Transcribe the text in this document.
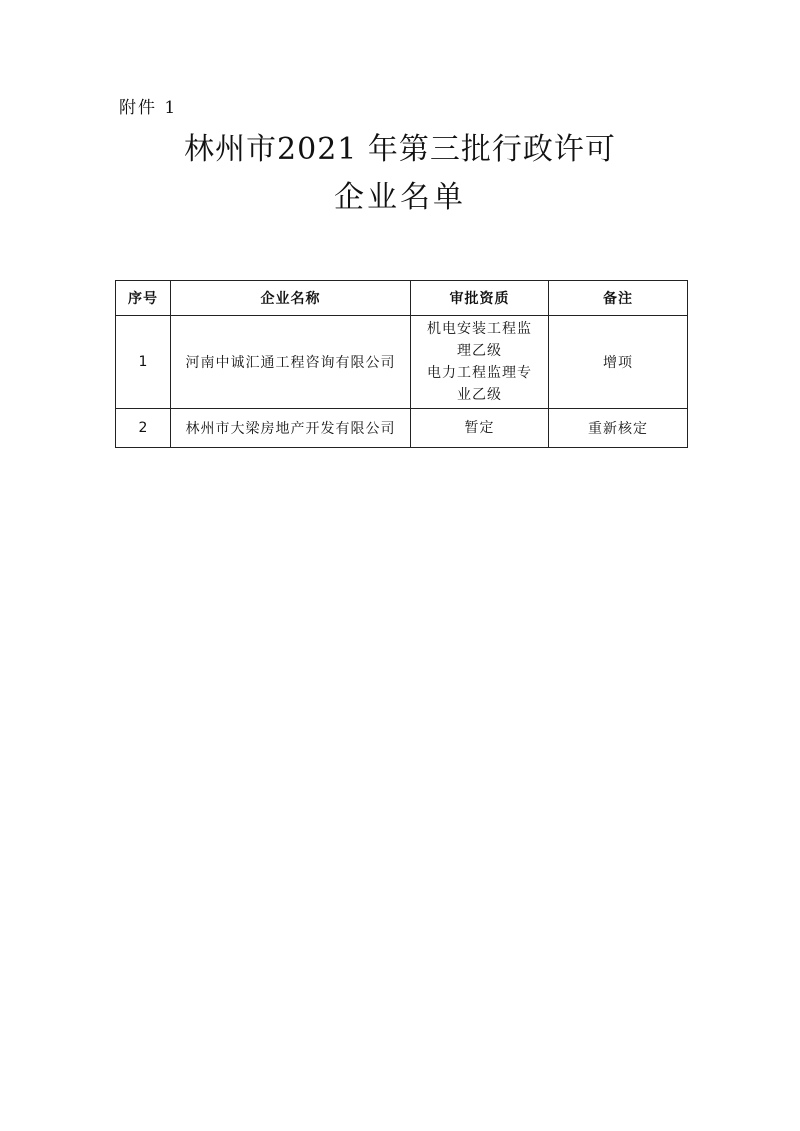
附件 1
林州市2021 年第三批行政许可
企业名单
序号	企业名称	审批资质	备注
1	河南中诚汇通工程咨询有限公司	机电安装工程监
理乙级
电力工程监理专
业乙级	增项
2	林州市大梁房地产开发有限公司	暂定	重新核定
